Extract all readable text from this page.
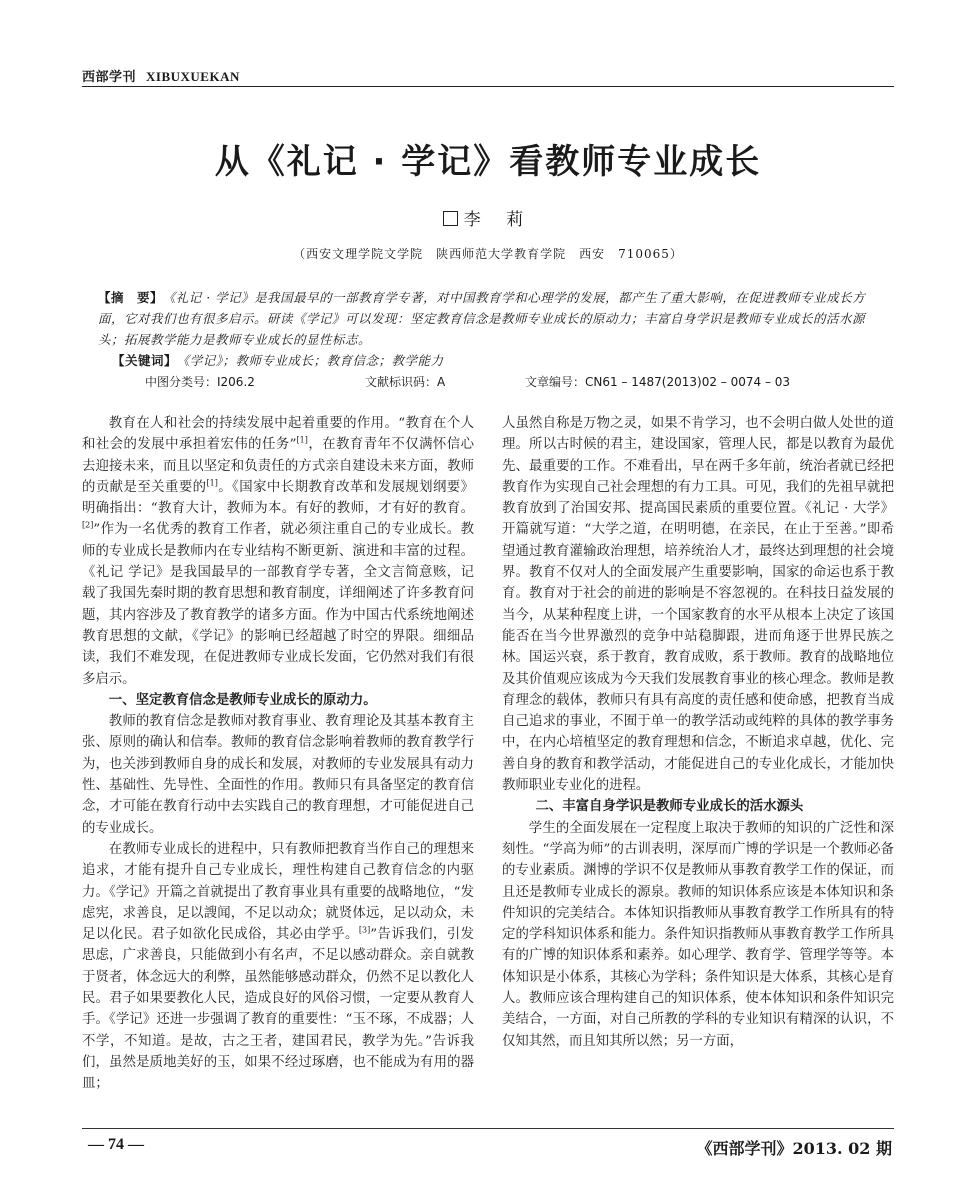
西部学刊 XIBUXUEKAN
从《礼记 · 学记》看教师专业成长
李 莉
（西安文理学院文学院　陕西师范大学教育学院　西安　710065）
【摘　要】 《礼记 · 学记》是我国最早的一部教育学专著，对中国教育学和心理学的发展，都产生了重大影响，在促进教师专业成长方面，它对我们也有很多启示。研读《学记》可以发现：坚定教育信念是教师专业成长的原动力；丰富自身学识是教师专业成长的活水源头；拓展教学能力是教师专业成长的显性标志。
【关键词】 《学记》；教师专业成长；教育信念；教学能力
中图分类号：I206.2	文献标识码：A	文章编号：CN61 – 1487(2013)02 – 0074 – 03

教育在人和社会的持续发展中起着重要的作用。“教育在个人和社会的发展中承担着宏伟的任务”[1]，在教育青年不仅满怀信心去迎接未来，而且以坚定和负责任的方式亲自建设未来方面，教师的贡献是至关重要的[1]。《国家中长期教育改革和发展规划纲要》明确指出：“教育大计，教师为本。有好的教师，才有好的教育。[2]”作为一名优秀的教育工作者，就必须注重自己的专业成长。教师的专业成长是教师内在专业结构不断更新、演进和丰富的过程。《礼记 学记》是我国最早的一部教育学专著，全文言简意赅，记载了我国先秦时期的教育思想和教育制度，详细阐述了许多教育问题，其内容涉及了教育教学的诸多方面。作为中国古代系统地阐述教育思想的文献，《学记》的影响已经超越了时空的界限。细细品读，我们不难发现，在促进教师专业成长发面，它仍然对我们有很多启示。

一、坚定教育信念是教师专业成长的原动力。

教师的教育信念是教师对教育事业、教育理论及其基本教育主张、原则的确认和信奉。教师的教育信念影响着教师的教育教学行为，也关涉到教师自身的成长和发展，对教师的专业发展具有动力性、基础性、先导性、全面性的作用。教师只有具备坚定的教育信念，才可能在教育行动中去实践自己的教育理想，才可能促进自己的专业成长。

在教师专业成长的进程中，只有教师把教育当作自己的理想来追求，才能有提升自己专业成长，理性构建自己教育信念的内驱力。《学记》开篇之首就提出了教育事业具有重要的战略地位，“发虑宪，求善良，足以謏闻，不足以动众；就贤体远，足以动众，未足以化民。君子如欲化民成俗，其必由学乎。[3]”告诉我们，引发思虑，广求善良，只能做到小有名声，不足以感动群众。亲自就教于贤者，体念远大的利弊，虽然能够感动群众，仍然不足以教化人民。君子如果要教化人民，造成良好的风俗习惯，一定要从教育人手。《学记》还进一步强调了教育的重要性：“玉不琢，不成器；人不学，不知道。是故，古之王者，建国君民，教学为先。”告诉我们，虽然是质地美好的玉，如果不经过琢磨，也不能成为有用的器皿；

人虽然自称是万物之灵，如果不肯学习，也不会明白做人处世的道理。所以古时候的君主，建设国家，管理人民，都是以教育为最优先、最重要的工作。不难看出，早在两千多年前，统治者就已经把教育作为实现自己社会理想的有力工具。可见，我们的先祖早就把教育放到了治国安邦、提高国民素质的重要位置。《礼记 · 大学》开篇就写道：“大学之道，在明明德，在亲民，在止于至善。”即希望通过教育灌输政治理想，培养统治人才，最终达到理想的社会境界。教育不仅对人的全面发展产生重要影响，国家的命运也系于教育。教育对于社会的前进的影响是不容忽视的。在科技日益发展的当今，从某种程度上讲，一个国家教育的水平从根本上决定了该国能否在当今世界激烈的竞争中站稳脚跟，进而角逐于世界民族之林。国运兴衰，系于教育，教育成败，系于教师。教育的战略地位及其价值观应该成为今天我们发展教育事业的核心理念。教师是教育理念的载体，教师只有具有高度的责任感和使命感，把教育当成自己追求的事业，不囿于单一的教学活动或纯粹的具体的教学事务中，在内心培植坚定的教育理想和信念，不断追求卓越，优化、完善自身的教育和教学活动，才能促进自己的专业化成长，才能加快教师职业专业化的进程。

二、丰富自身学识是教师专业成长的活水源头

学生的全面发展在一定程度上取决于教师的知识的广泛性和深刻性。“学高为师”的古训表明，深厚而广博的学识是一个教师必备的专业素质。渊博的学识不仅是教师从事教育教学工作的保证，而且还是教师专业成长的源泉。教师的知识体系应该是本体知识和条件知识的完美结合。本体知识指教师从事教育教学工作所具有的特定的学科知识体系和能力。条件知识指教师从事教育教学工作所具有的广博的知识体系和素养。如心理学、教育学、管理学等等。本体知识是小体系，其核心为学科；条件知识是大体系，其核心是育人。教师应该合理构建自己的知识体系，使本体知识和条件知识完美结合，一方面，对自己所教的学科的专业知识有精深的认识，不仅知其然，而且知其所以然；另一方面，

— 74 —	《西部学刊》2013. 02 期
